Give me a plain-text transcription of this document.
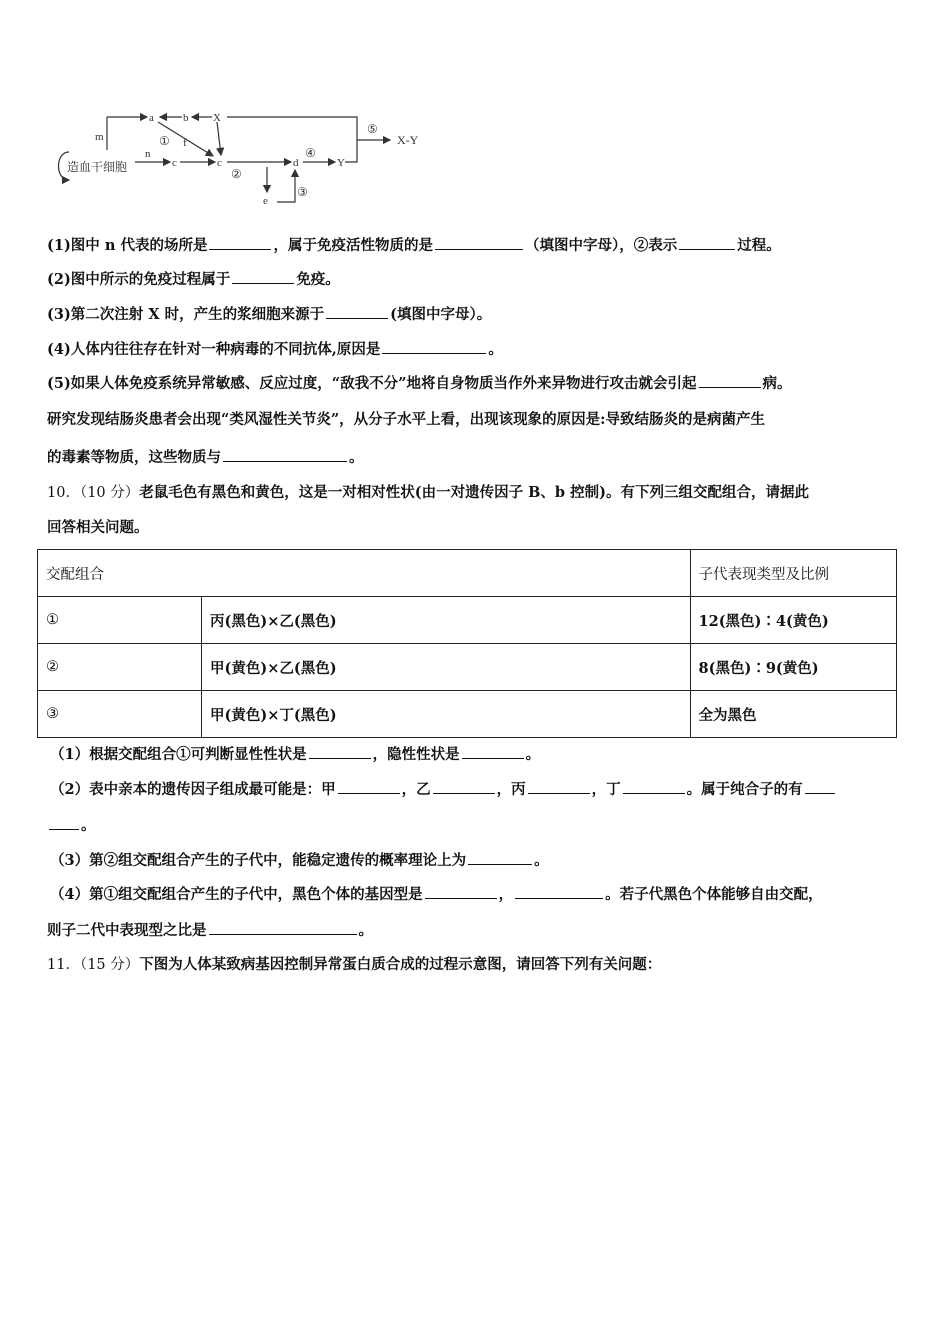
造血干细胞
m
n
a	b X
f
①
c	c
②
d
④
Y
③
e
⑤
X-Y
(1)图中 n 代表的场所是	，属于免疫活性物质的是	（填图中字母），②表示	过程。
(2)图中所示的免疫过程属于	免疫。
(3)第二次注射 X 时，产生的浆细胞来源于	(填图中字母）。
(4)人体内往往存在针对一种病毒的不同抗体,原因是	。
(5)如果人体免疫系统异常敏感、反应过度，“敌我不分”地将自身物质当作外来异物进行攻击就会引起	病。
研究发现结肠炎患者会出现“类风湿性关节炎”，从分子水平上看，出现该现象的原因是:导致结肠炎的是病菌产生
的毒素等物质，这些物质与	。
10．（10 分）老鼠毛色有黑色和黄色，这是一对相对性状(由一对遗传因子 B、b 控制)。有下列三组交配组合，请据此
回答相关问题。
交配组合		子代表现类型及比例
①	丙(黑色)×乙(黑色)	12(黑色)∶4(黄色)
②	甲(黄色)×乙(黑色)	8(黑色)∶9(黄色)
③	甲(黄色)×丁(黑色)	全为黑色
（1）根据交配组合①可判断显性性状是	，隐性性状是	。
（2）表中亲本的遗传因子组成最可能是：甲	，乙	，丙	，丁	。属于纯合子的有
。
（3）第②组交配组合产生的子代中，能稳定遗传的概率理论上为	。
（4）第①组交配组合产生的子代中，黑色个体的基因型是	，	。若子代黑色个体能够自由交配，
则子二代中表现型之比是	。
11．（15 分）下图为人体某致病基因控制异常蛋白质合成的过程示意图，请回答下列有关问题：
